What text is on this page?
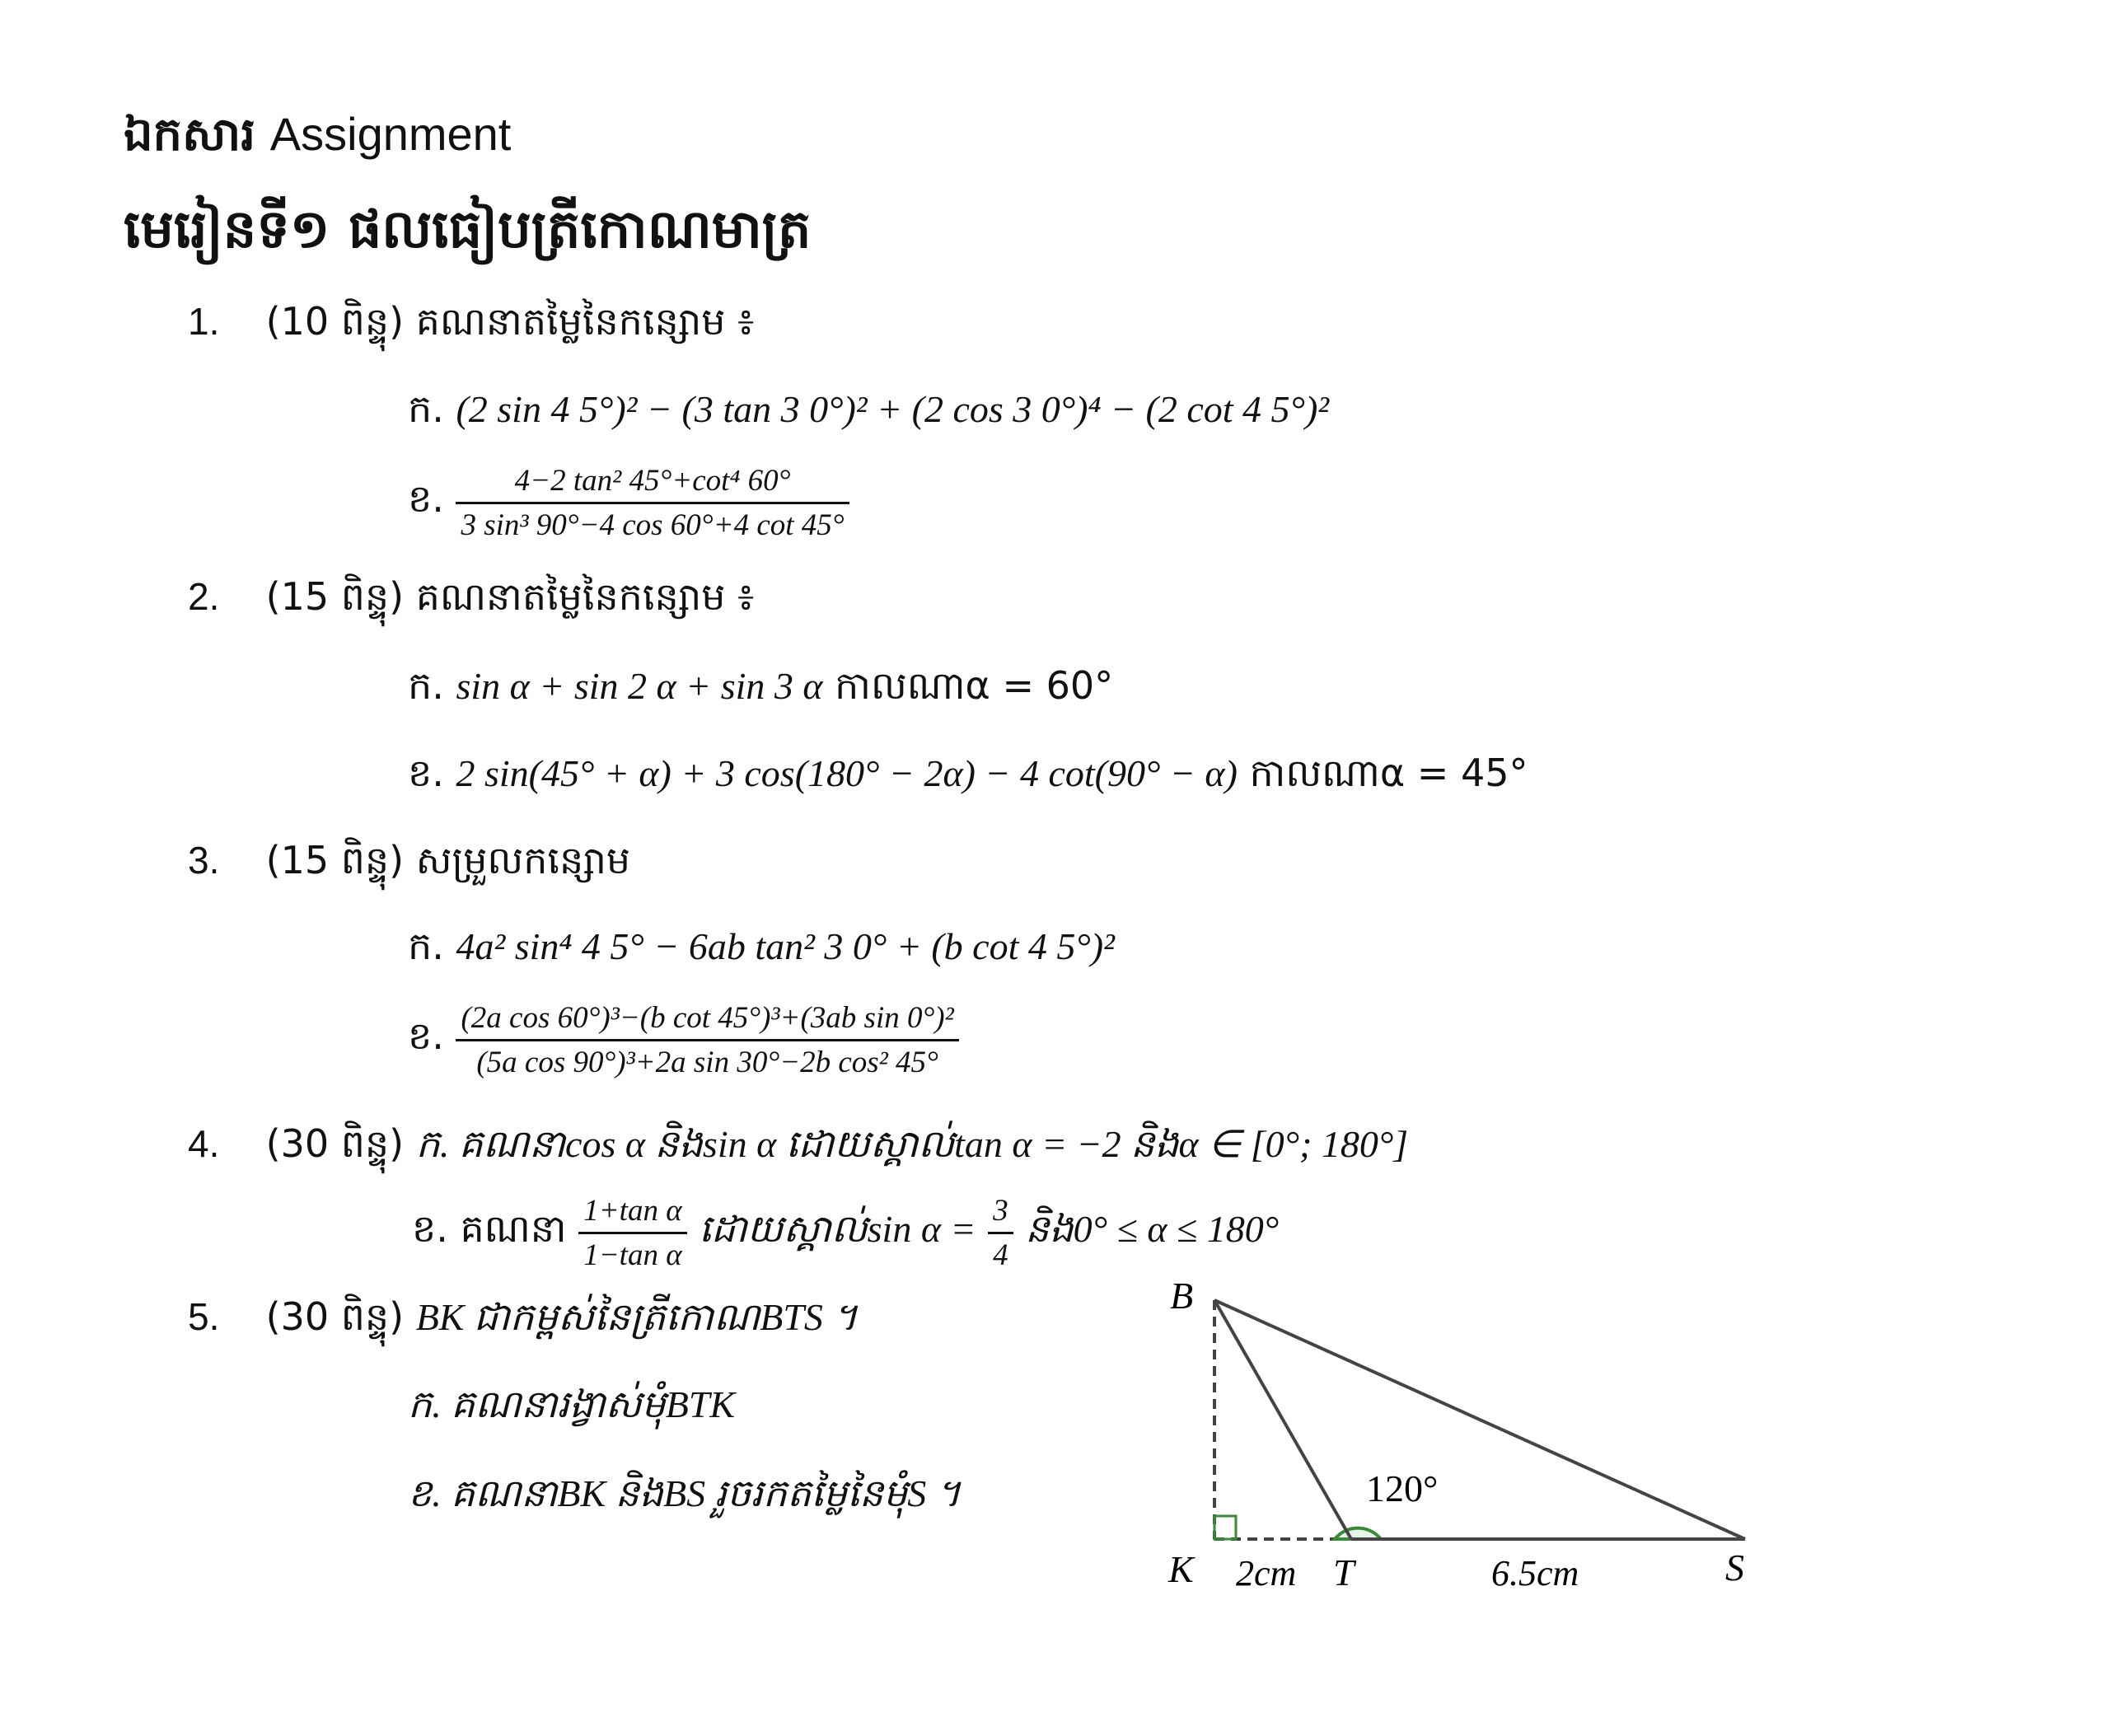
ឯកសារ Assignment
មេរៀនទី១ ផលធៀបត្រីកោណមាត្រ
1. (10 ពិន្ទុ) គណនាតម្លៃនៃកន្សោម ៖
ក. (2 sin 4 5°)² − (3 tan 3 0°)² + (2 cos 3 0°)⁴ − (2 cot 4 5°)²
ខ. $\frac{\text{4−2 tan² 45°+cot⁴ 60°}}{\text{3 sin³ 90°−4 cos 60°+4 cot 45°}}$
2. (15 ពិន្ទុ) គណនាតម្លៃនៃកន្សោម ៖
ក. sin α + sin 2 α + sin 3 α កាលណាα = 60°
ខ. 2 sin(45° + α) + 3 cos(180° − 2α) − 4 cot(90° − α) កាលណាα = 45°
3. (15 ពិន្ទុ) សម្រួលកន្សោម
ក. 4a² sin⁴ 4 5° − 6ab tan² 3 0° + (b cot 4 5°)²
ខ. $\frac{\text{(2a cos 60°)³−(b cot 45°)³+(3ab sin 0°)²}}{\text{(5a cos 90°)³+2a sin 30°−2b cos² 45°}}$
4. (30 ពិន្ទុ) ក. គណនាcos α និងsin α ដោយស្គាល់tan α = −2 និងα ∈ [0°; 180°]
ខ. គណនា $\frac{\text{1+tan α}}{\text{1−tan α}}$ ដោយស្គាល់$\sin \alpha = \frac{3}{4}$ និង0° ≤ α ≤ 180°
5. (30 ពិន្ទុ) BK ជាកម្ពស់នៃត្រីកោណBTS ។
ក. គណនារង្វាស់មុំBTK
ខ. គណនាBK និងBS រួចរកតម្លៃនៃមុំS ។
B
K	T	S
120°
2cm	6.5cm
